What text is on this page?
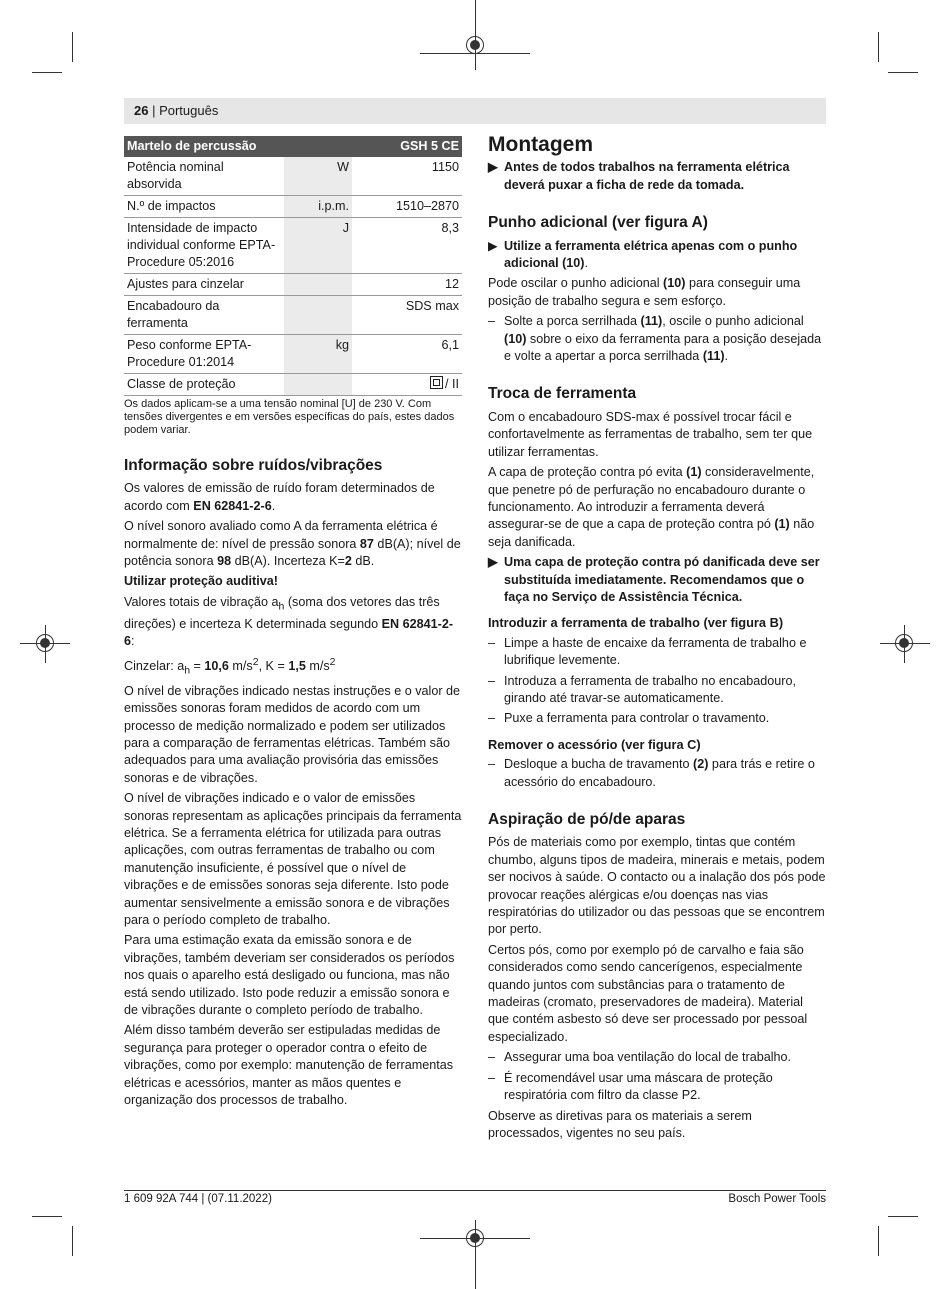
26 | Português
Martelo de percussão	GSH 5 CE	
Potência nominal absorvida	W	1150
N.º de impactos	i.p.m.	1510–2870
Intensidade de impacto individual conforme EPTA-Procedure 05:2016	J	8,3
Ajustes para cinzelar		12
Encabadouro da ferramenta		SDS max
Peso conforme EPTA-Procedure 01:2014	kg	6,1
Classe de proteção		/ II
Os dados aplicam-se a uma tensão nominal [U] de 230 V. Com tensões divergentes e em versões específicas do país, estes dados podem variar.
Informação sobre ruídos/vibrações

Os valores de emissão de ruído foram determinados de acordo com EN 62841-2-6.

O nível sonoro avaliado como A da ferramenta elétrica é normalmente de: nível de pressão sonora 87 dB(A); nível de potência sonora 98 dB(A). Incerteza K=2 dB.

Utilizar proteção auditiva!

Valores totais de vibração $a_h$ (soma dos vetores das três direções) e incerteza K determinada segundo EN 62841-2-6:

Cinzelar: $a_h = 10,6$ $m/s^2$, K = 1,5 $m/s^2$

O nível de vibrações indicado nestas instruções e o valor de emissões sonoras foram medidos de acordo com um processo de medição normalizado e podem ser utilizados para a comparação de ferramentas elétricas. Também são adequados para uma avaliação provisória das emissões sonoras e de vibrações.

O nível de vibrações indicado e o valor de emissões sonoras representam as aplicações principais da ferramenta elétrica. Se a ferramenta elétrica for utilizada para outras aplicações, com outras ferramentas de trabalho ou com manutenção insuficiente, é possível que o nível de vibrações e de emissões sonoras seja diferente. Isto pode aumentar sensivelmente a emissão sonora e de vibrações para o período completo de trabalho.

Para uma estimação exata da emissão sonora e de vibrações, também deveriam ser considerados os períodos nos quais o aparelho está desligado ou funciona, mas não está sendo utilizado. Isto pode reduzir a emissão sonora e de vibrações durante o completo período de trabalho.

Além disso também deverão ser estipuladas medidas de segurança para proteger o operador contra o efeito de vibrações, como por exemplo: manutenção de ferramentas elétricas e acessórios, manter as mãos quentes e organização dos processos de trabalho.

Montagem
▶ Antes de todos trabalhos na ferramenta elétrica deverá puxar a ficha de rede da tomada.
Punho adicional (ver figura A)
▶ Utilize a ferramenta elétrica apenas com o punho adicional (10).

Pode oscilar o punho adicional (10) para conseguir uma posição de trabalho segura e sem esforço.

– Solte a porca serrilhada (11), oscile o punho adicional (10) sobre o eixo da ferramenta para a posição desejada e volte a apertar a porca serrilhada (11).
Troca de ferramenta

Com o encabadouro SDS-max é possível trocar fácil e confortavelmente as ferramentas de trabalho, sem ter que utilizar ferramentas.

A capa de proteção contra pó evita (1) consideravelmente, que penetre pó de perfuração no encabadouro durante o funcionamento. Ao introduzir a ferramenta deverá assegurar-se de que a capa de proteção contra pó (1) não seja danificada.

▶ Uma capa de proteção contra pó danificada deve ser substituída imediatamente. Recomendamos que o faça no Serviço de Assistência Técnica.
Introduzir a ferramenta de trabalho (ver figura B)
– Limpe a haste de encaixe da ferramenta de trabalho e lubrifique levemente.
– Introduza a ferramenta de trabalho no encabadouro, girando até travar-se automaticamente.
– Puxe a ferramenta para controlar o travamento.
Remover o acessório (ver figura C)
– Desloque a bucha de travamento (2) para trás e retire o acessório do encabadouro.
Aspiração de pó/de aparas

Pós de materiais como por exemplo, tintas que contém chumbo, alguns tipos de madeira, minerais e metais, podem ser nocivos à saúde. O contacto ou a inalação dos pós pode provocar reações alérgicas e/ou doenças nas vias respiratórias do utilizador ou das pessoas que se encontrem por perto.

Certos pós, como por exemplo pó de carvalho e faia são considerados como sendo cancerígenos, especialmente quando juntos com substâncias para o tratamento de madeiras (cromato, preservadores de madeira). Material que contém asbesto só deve ser processado por pessoal especializado.

– Assegurar uma boa ventilação do local de trabalho.
– É recomendável usar uma máscara de proteção respiratória com filtro da classe P2.

Observe as diretivas para os materiais a serem processados, vigentes no seu país.

1 609 92A 744 | (07.11.2022)	Bosch Power Tools
